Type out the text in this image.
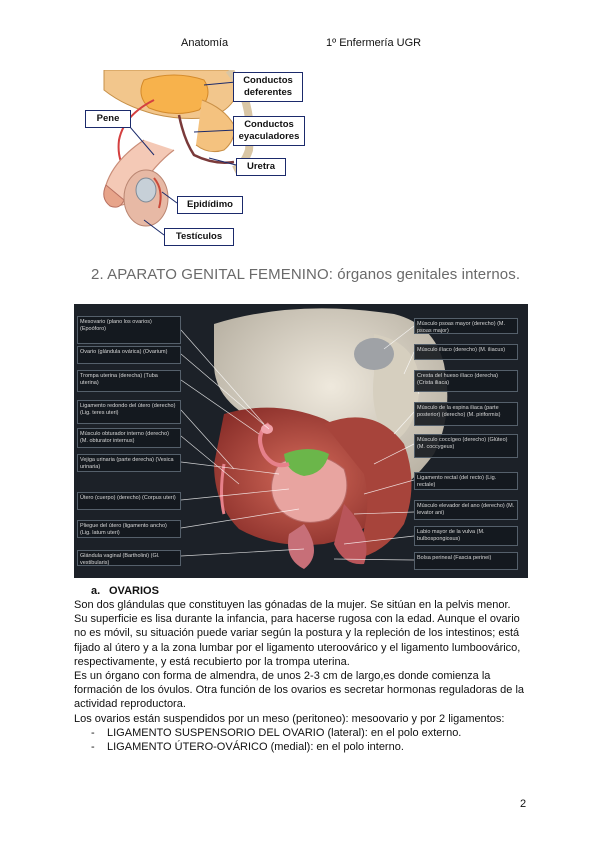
Anatomía	1º Enfermería UGR
Conductos deferentes
Pene
Conductos eyaculadores
Uretra
Epidídimo
Testículos
2. APARATO GENITAL FEMENINO: órganos genitales internos.
Mesovario (plano los ovarios) (Epoóforo)
Ovario (glándula ovárica) (Ovarium)
Trompa uterina (derecha) (Tuba uterina)
Ligamento redondo del útero (derecho) (Lig. teres uteri)
Músculo obturador interno (derecho) (M. obturator internus)
Vejiga urinaria (parte derecha) (Vesica urinaria)
Útero (cuerpo) (derecho) (Corpus uteri)
Pliegue del útero (ligamento ancho) (Lig. latum uteri)
Glándula vaginal (Bartholini) (Gl. vestibularis)
Músculo psoas mayor (derecho) (M. psoas major)
Músculo ilíaco (derecho) (M. iliacus)
Cresta del hueso ilíaco (derecha) (Crista iliaca)
Músculo de la espina iliaca (parte posterior) (derecho) (M. piriformis)
Músculo coccígeo (derecho) (Glúteo) (M. coccygeus)
Ligamento rectal (del recto) (Lig. rectale)
Músculo elevador del ano (derecho) (M. levator ani)
Labio mayor de la vulva (M. bulbospongiosus)
Bolsa perineal (Fascia perinei)
a. OVARIOS

Son dos glándulas que constituyen las gónadas de la mujer. Se sitúan en la pelvis menor.

Su superficie es lisa durante la infancia, para hacerse rugosa con la edad. Aunque el ovario no es móvil, su situación puede variar según la postura y la repleción de los intestinos; está fijado al útero y a la zona lumbar por el ligamento uteroovárico y el ligamento lumboovárico, respectivamente, y está recubierto por la trompa uterina.

Es un órgano con forma de almendra, de unos 2-3 cm de largo,es donde comienza la formación de los óvulos. Otra función de los ovarios es secretar hormonas reguladoras de la actividad reproductora.

Los ovarios están suspendidos por un meso (peritoneo): mesoovario y por 2 ligamentos:

- LIGAMENTO SUSPENSORIO DEL OVARIO (lateral): en el polo externo.
- LIGAMENTO ÚTERO-OVÁRICO (medial): en el polo interno.
2
